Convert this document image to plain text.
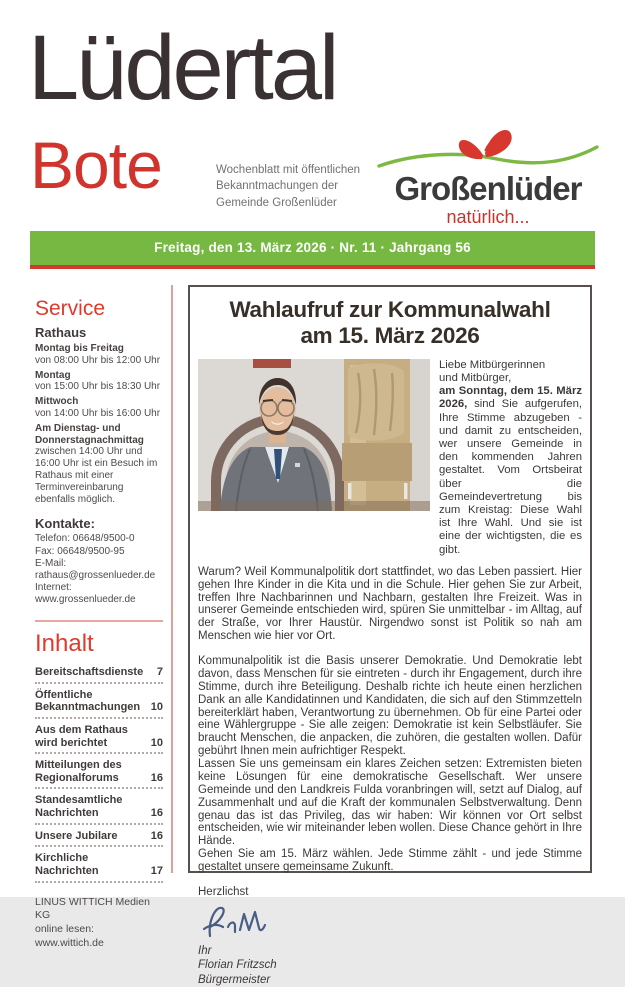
Lüdertal
Bote	Wochenblatt mit öffentlichen
Bekanntmachungen der
Gemeinde Großenlüder	Großenlüder
natürlich...
Freitag, den 13. März 2026 · Nr. 11 · Jahrgang 56
Service
Rathaus
Montag bis Freitag
von 08:00 Uhr bis 12:00 Uhr
Montag
von 15:00 Uhr bis 18:30 Uhr
Mittwoch
von 14:00 Uhr bis 16:00 Uhr
Am Dienstag- und Donnerstagnachmittag
zwischen 14:00 Uhr und 16:00 Uhr ist ein Besuch im Rathaus mit einer Terminvereinbarung ebenfalls möglich.
Kontakte:
Telefon: 06648/9500-0
Fax: 06648/9500-95
E-Mail:
rathaus@grossenlueder.de
Internet:
www.grossenlueder.de
Inhalt
Bereitschaftsdienste 7
Öffentliche Bekanntmachungen 10
Aus dem Rathaus wird berichtet	10
Mitteilungen des Regionalforums	16
Standesamtliche Nachrichten	16
Unsere Jubilare	16
Kirchliche Nachrichten	17
LINUS WITTICH Medien KG
online lesen: www.wittich.de
Wahlaufruf zur Kommunalwahl
am 15. März 2026
Liebe Mitbürgerinnen
und Mitbürger,
am Sonntag, dem 15. März 2026, sind Sie aufgerufen, Ihre Stimme abzugeben - und damit zu entscheiden, wer unsere Gemeinde in den kommenden Jahren gestaltet. Vom Ortsbeirat über die Gemeindevertretung bis zum Kreistag: Diese Wahl ist Ihre Wahl. Und sie ist eine der wichtigsten, die es gibt.

Warum? Weil Kommunalpolitik dort stattfindet, wo das Leben passiert. Hier gehen Ihre Kinder in die Kita und in die Schule. Hier gehen Sie zur Arbeit, treffen Ihre Nachbarinnen und Nachbarn, gestalten Ihre Freizeit. Was in unserer Gemeinde entschieden wird, spüren Sie unmittelbar - im Alltag, auf der Straße, vor Ihrer Haustür. Nirgendwo sonst ist Politik so nah am Menschen wie hier vor Ort.

Kommunalpolitik ist die Basis unserer Demokratie. Und Demokratie lebt davon, dass Menschen für sie eintreten - durch ihr Engagement, durch ihre Stimme, durch ihre Beteiligung. Deshalb richte ich heute einen herzlichen Dank an alle Kandidatinnen und Kandidaten, die sich auf den Stimmzetteln bereiterklärt haben, Verantwortung zu übernehmen. Ob für eine Partei oder eine Wählergruppe - Sie alle zeigen: Demokratie ist kein Selbstläufer. Sie braucht Menschen, die anpacken, die zuhören, die gestalten wollen. Dafür gebührt Ihnen mein aufrichtiger Respekt.

Lassen Sie uns gemeinsam ein klares Zeichen setzen: Extremisten bieten keine Lösungen für eine demokratische Gesellschaft. Wer unsere Gemeinde und den Landkreis Fulda voranbringen will, setzt auf Dialog, auf Zusammenhalt und auf die Kraft der kommunalen Selbstverwaltung. Denn genau das ist das Privileg, das wir haben: Wir können vor Ort selbst entscheiden, wie wir miteinander leben wollen. Diese Chance gehört in Ihre Hände.

Gehen Sie am 15. März wählen. Jede Stimme zählt - und jede Stimme gestaltet unsere gemeinsame Zukunft.

Herzlichst

Ihr
Florian Fritzsch
Bürgermeister
